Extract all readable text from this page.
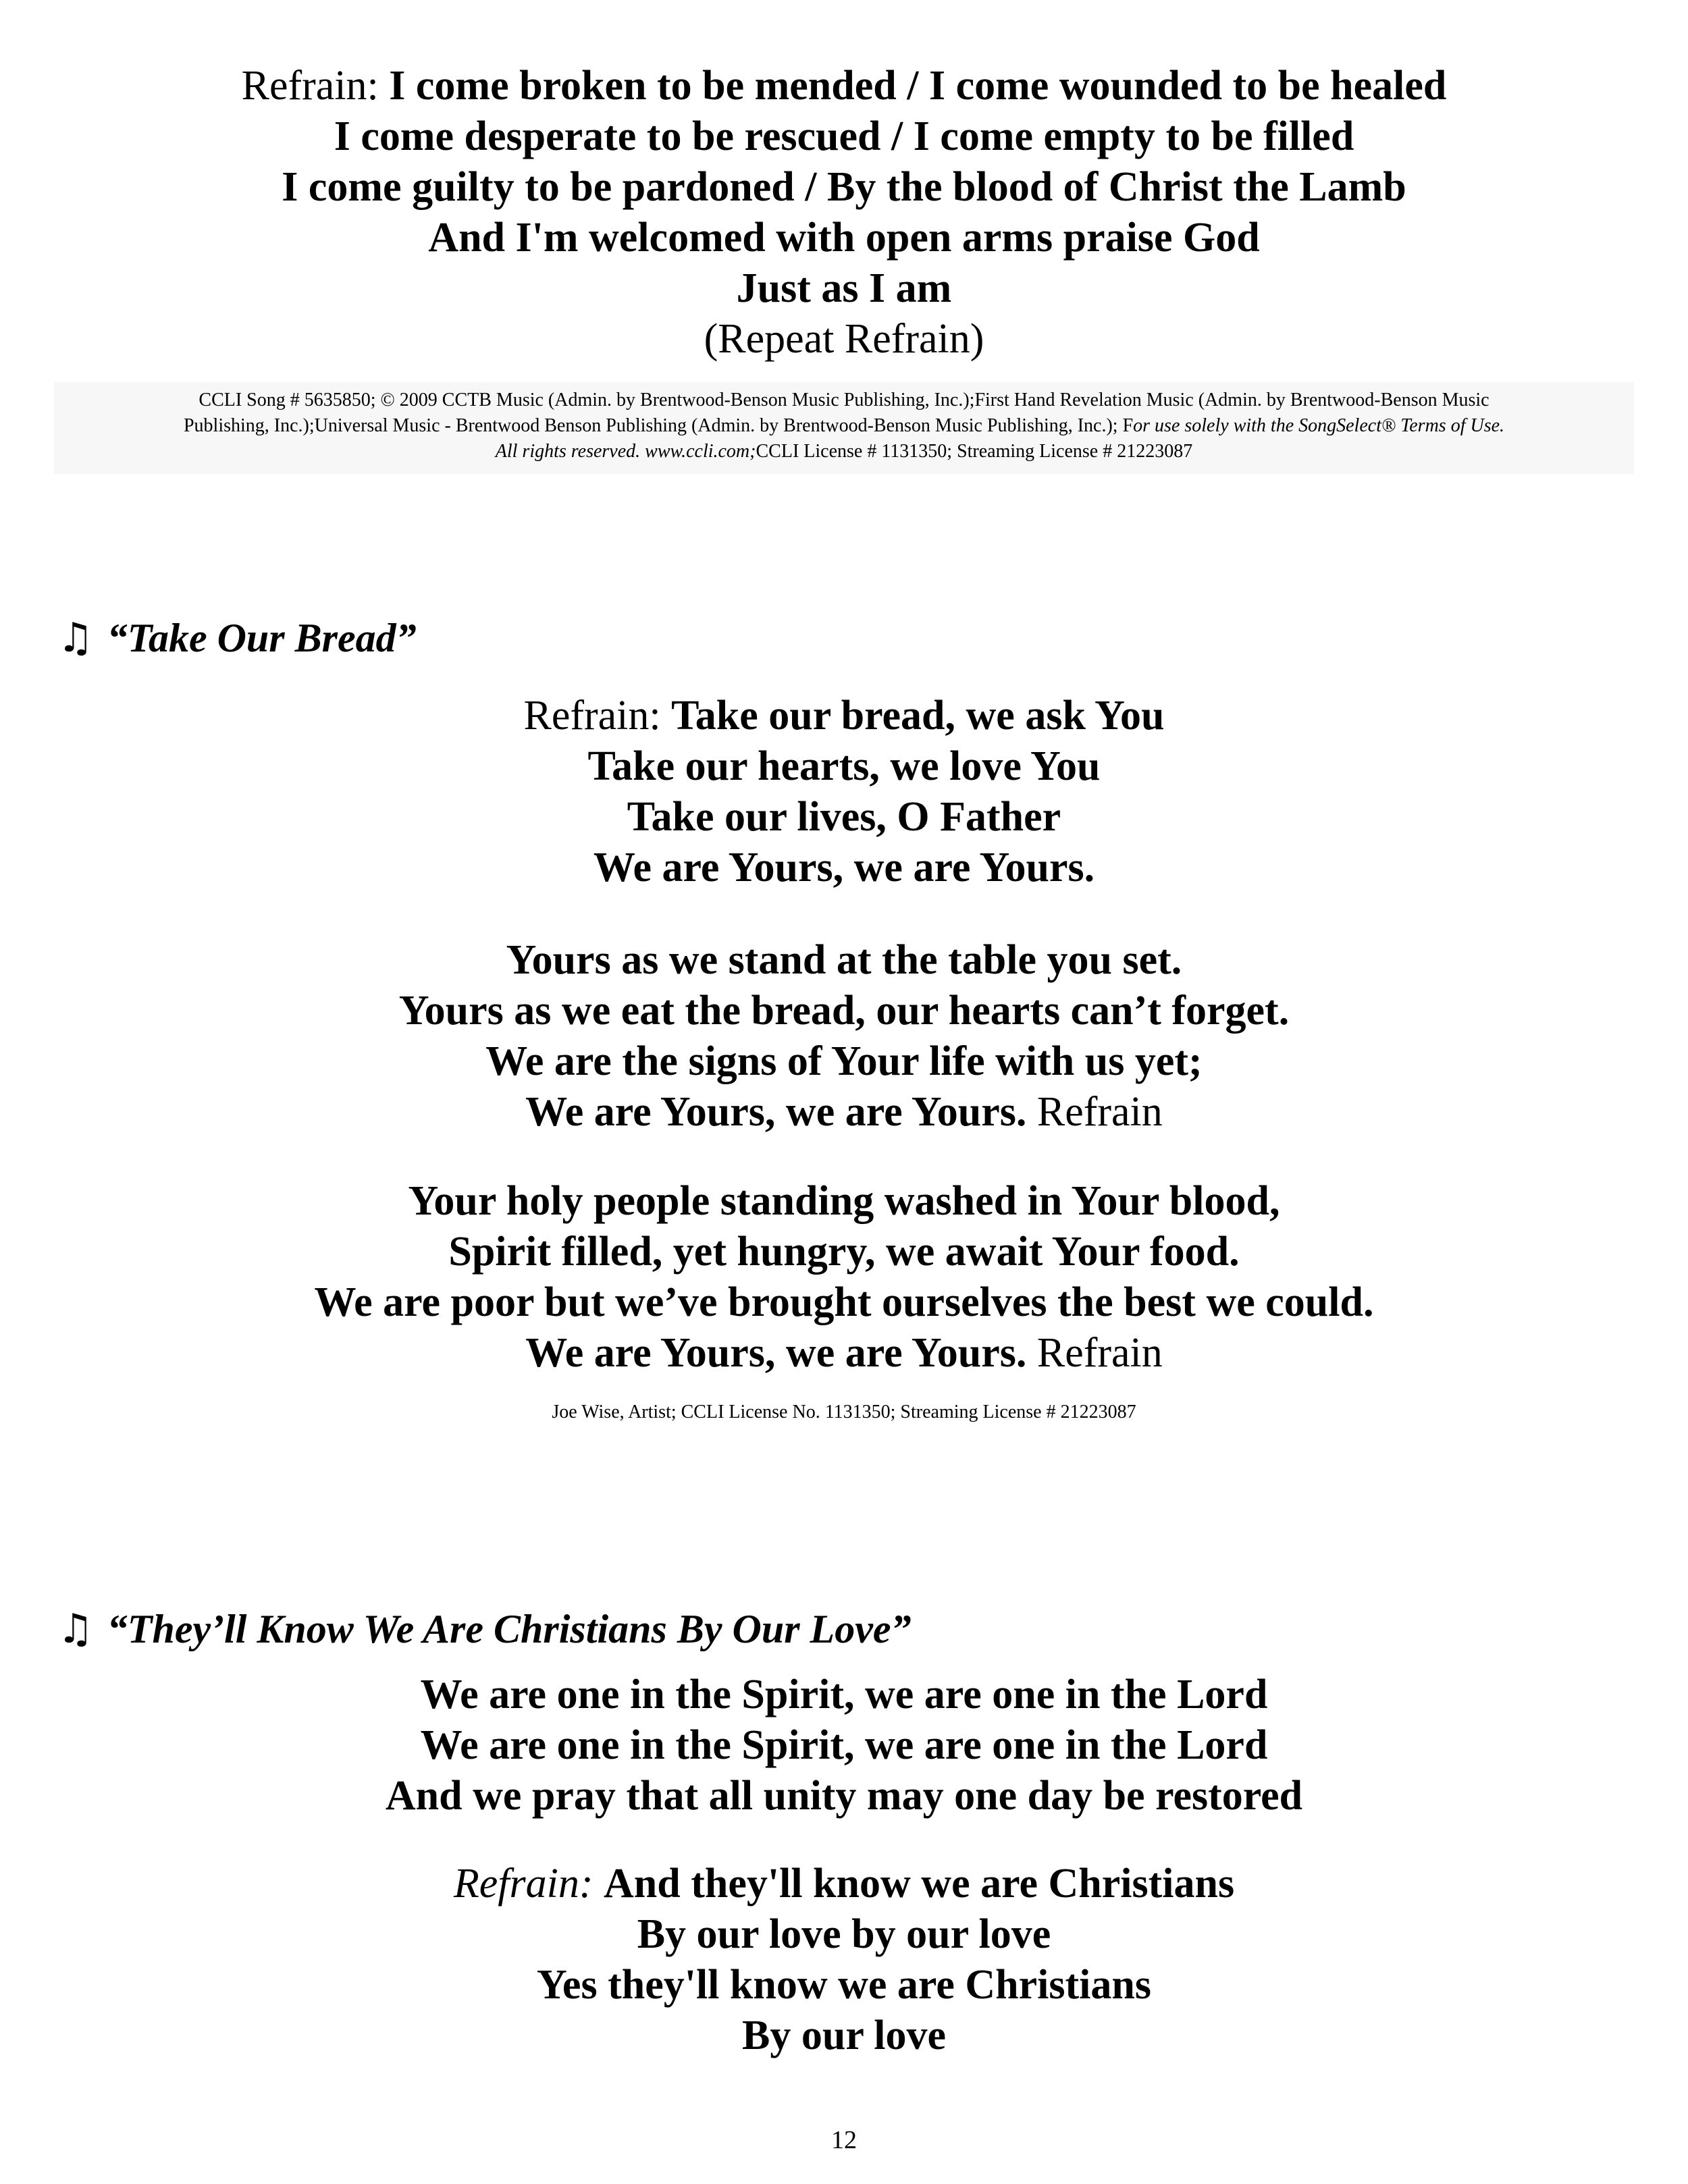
Refrain: I come broken to be mended / I come wounded to be healed
I come desperate to be rescued / I come empty to be filled
I come guilty to be pardoned / By the blood of Christ the Lamb
And I'm welcomed with open arms praise God
Just as I am
(Repeat Refrain)
CCLI Song # 5635850; © 2009 CCTB Music (Admin. by Brentwood-Benson Music Publishing, Inc.);First Hand Revelation Music (Admin. by Brentwood-Benson Music
Publishing, Inc.);Universal Music - Brentwood Benson Publishing (Admin. by Brentwood-Benson Music Publishing, Inc.); For use solely with the SongSelect® Terms of Use.
All rights reserved. www.ccli.com;CCLI License # 1131350; Streaming License # 21223087
♫ “Take Our Bread”
Refrain: Take our bread, we ask You
Take our hearts, we love You
Take our lives, O Father
We are Yours, we are Yours.
Yours as we stand at the table you set.
Yours as we eat the bread, our hearts can’t forget.
We are the signs of Your life with us yet;
We are Yours, we are Yours. Refrain
Your holy people standing washed in Your blood,
Spirit filled, yet hungry, we await Your food.
We are poor but we’ve brought ourselves the best we could.
We are Yours, we are Yours. Refrain
Joe Wise, Artist; CCLI License No. 1131350; Streaming License # 21223087
♫ “They’ll Know We Are Christians By Our Love”
We are one in the Spirit, we are one in the Lord
We are one in the Spirit, we are one in the Lord
And we pray that all unity may one day be restored
Refrain: And they'll know we are Christians
By our love by our love
Yes they'll know we are Christians
By our love
12
